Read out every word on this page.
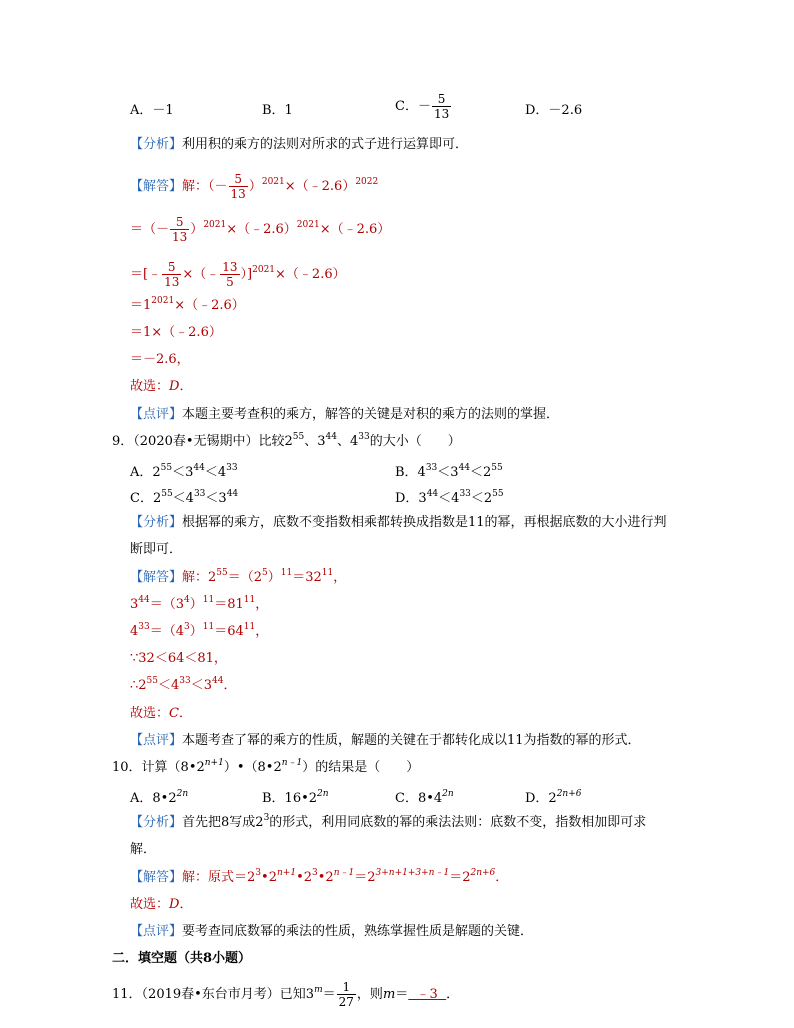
A．－1	B．1	C．－ $\frac{5}{13}$	D．－2.6
【分析】利用积的乘方的法则对所求的式子进行运算即可．
【解答】解：（－ $\frac{5}{13}$ ）$^{2021}$×（﹣2.6）$^{2022}$
＝（－ $\frac{5}{13}$ ）$^{2021}$×（﹣2.6）$^{2021}$×（﹣2.6）
＝[﹣ $\frac{5}{13}$ ×（﹣ $\frac{13}{5}$ ）]$^{2021}$×（﹣2.6）
$=1^{2021}\times(﹣2.6)$
＝1×（﹣2.6）
＝－2.6，
故选：D．
【点评】本题主要考查积的乘方，解答的关键是对积的乘方的法则的掌握．
9．（2020春•无锡期中）比较$2^{55}$、$3^{44}$、$4^{33}$的大小（　　）
A．$2^{55}<3^{44}<4^{33}$	B．$4^{33}<3^{44}<2^{55}$
C．$2^{55}<4^{33}<3^{44}$	D．$3^{44}<4^{33}<2^{55}$
【分析】根据幂的乘方，底数不变指数相乘都转换成指数是11的幂，再根据底数的大小进行判
断即可．
【解答】解：$2^{55}=(2^5)^{11}=32^{11}$，
$3^{44}=(3^4)^{11}=81^{11}$，
$4^{33}=(4^3)^{11}=64^{11}$，
∵32＜64＜81，
$\therefore 2^{55}<4^{33}<3^{44}$．
故选：C．
【点评】本题考查了幂的乘方的性质，解题的关键在于都转化成以11为指数的幂的形式．
10．计算$(8•2^{n+1})•(8•2^{n﹣1})$的结果是（　　）
A．$8•2^{2n}$	B．$16•2^{2n}$	C．$8•4^{2n}$	D．$2^{2n+6}$
【分析】首先把8写成$2^3$的形式，利用同底数的幂的乘法法则：底数不变，指数相加即可求
解．
【解答】解：原式$=2^3•2^{n+1}•2^3•2^{n﹣1}=2^{3+n+1+3+n﹣1}=2^{2n+6}$．
故选：D．
【点评】要考查同底数幂的乘法的性质，熟练掌握性质是解题的关键．
二．填空题（共8小题）
11．（2019春•东台市月考）已知$3^m= \frac{1}{27}$ ，则m＝ ﹣3 ．
